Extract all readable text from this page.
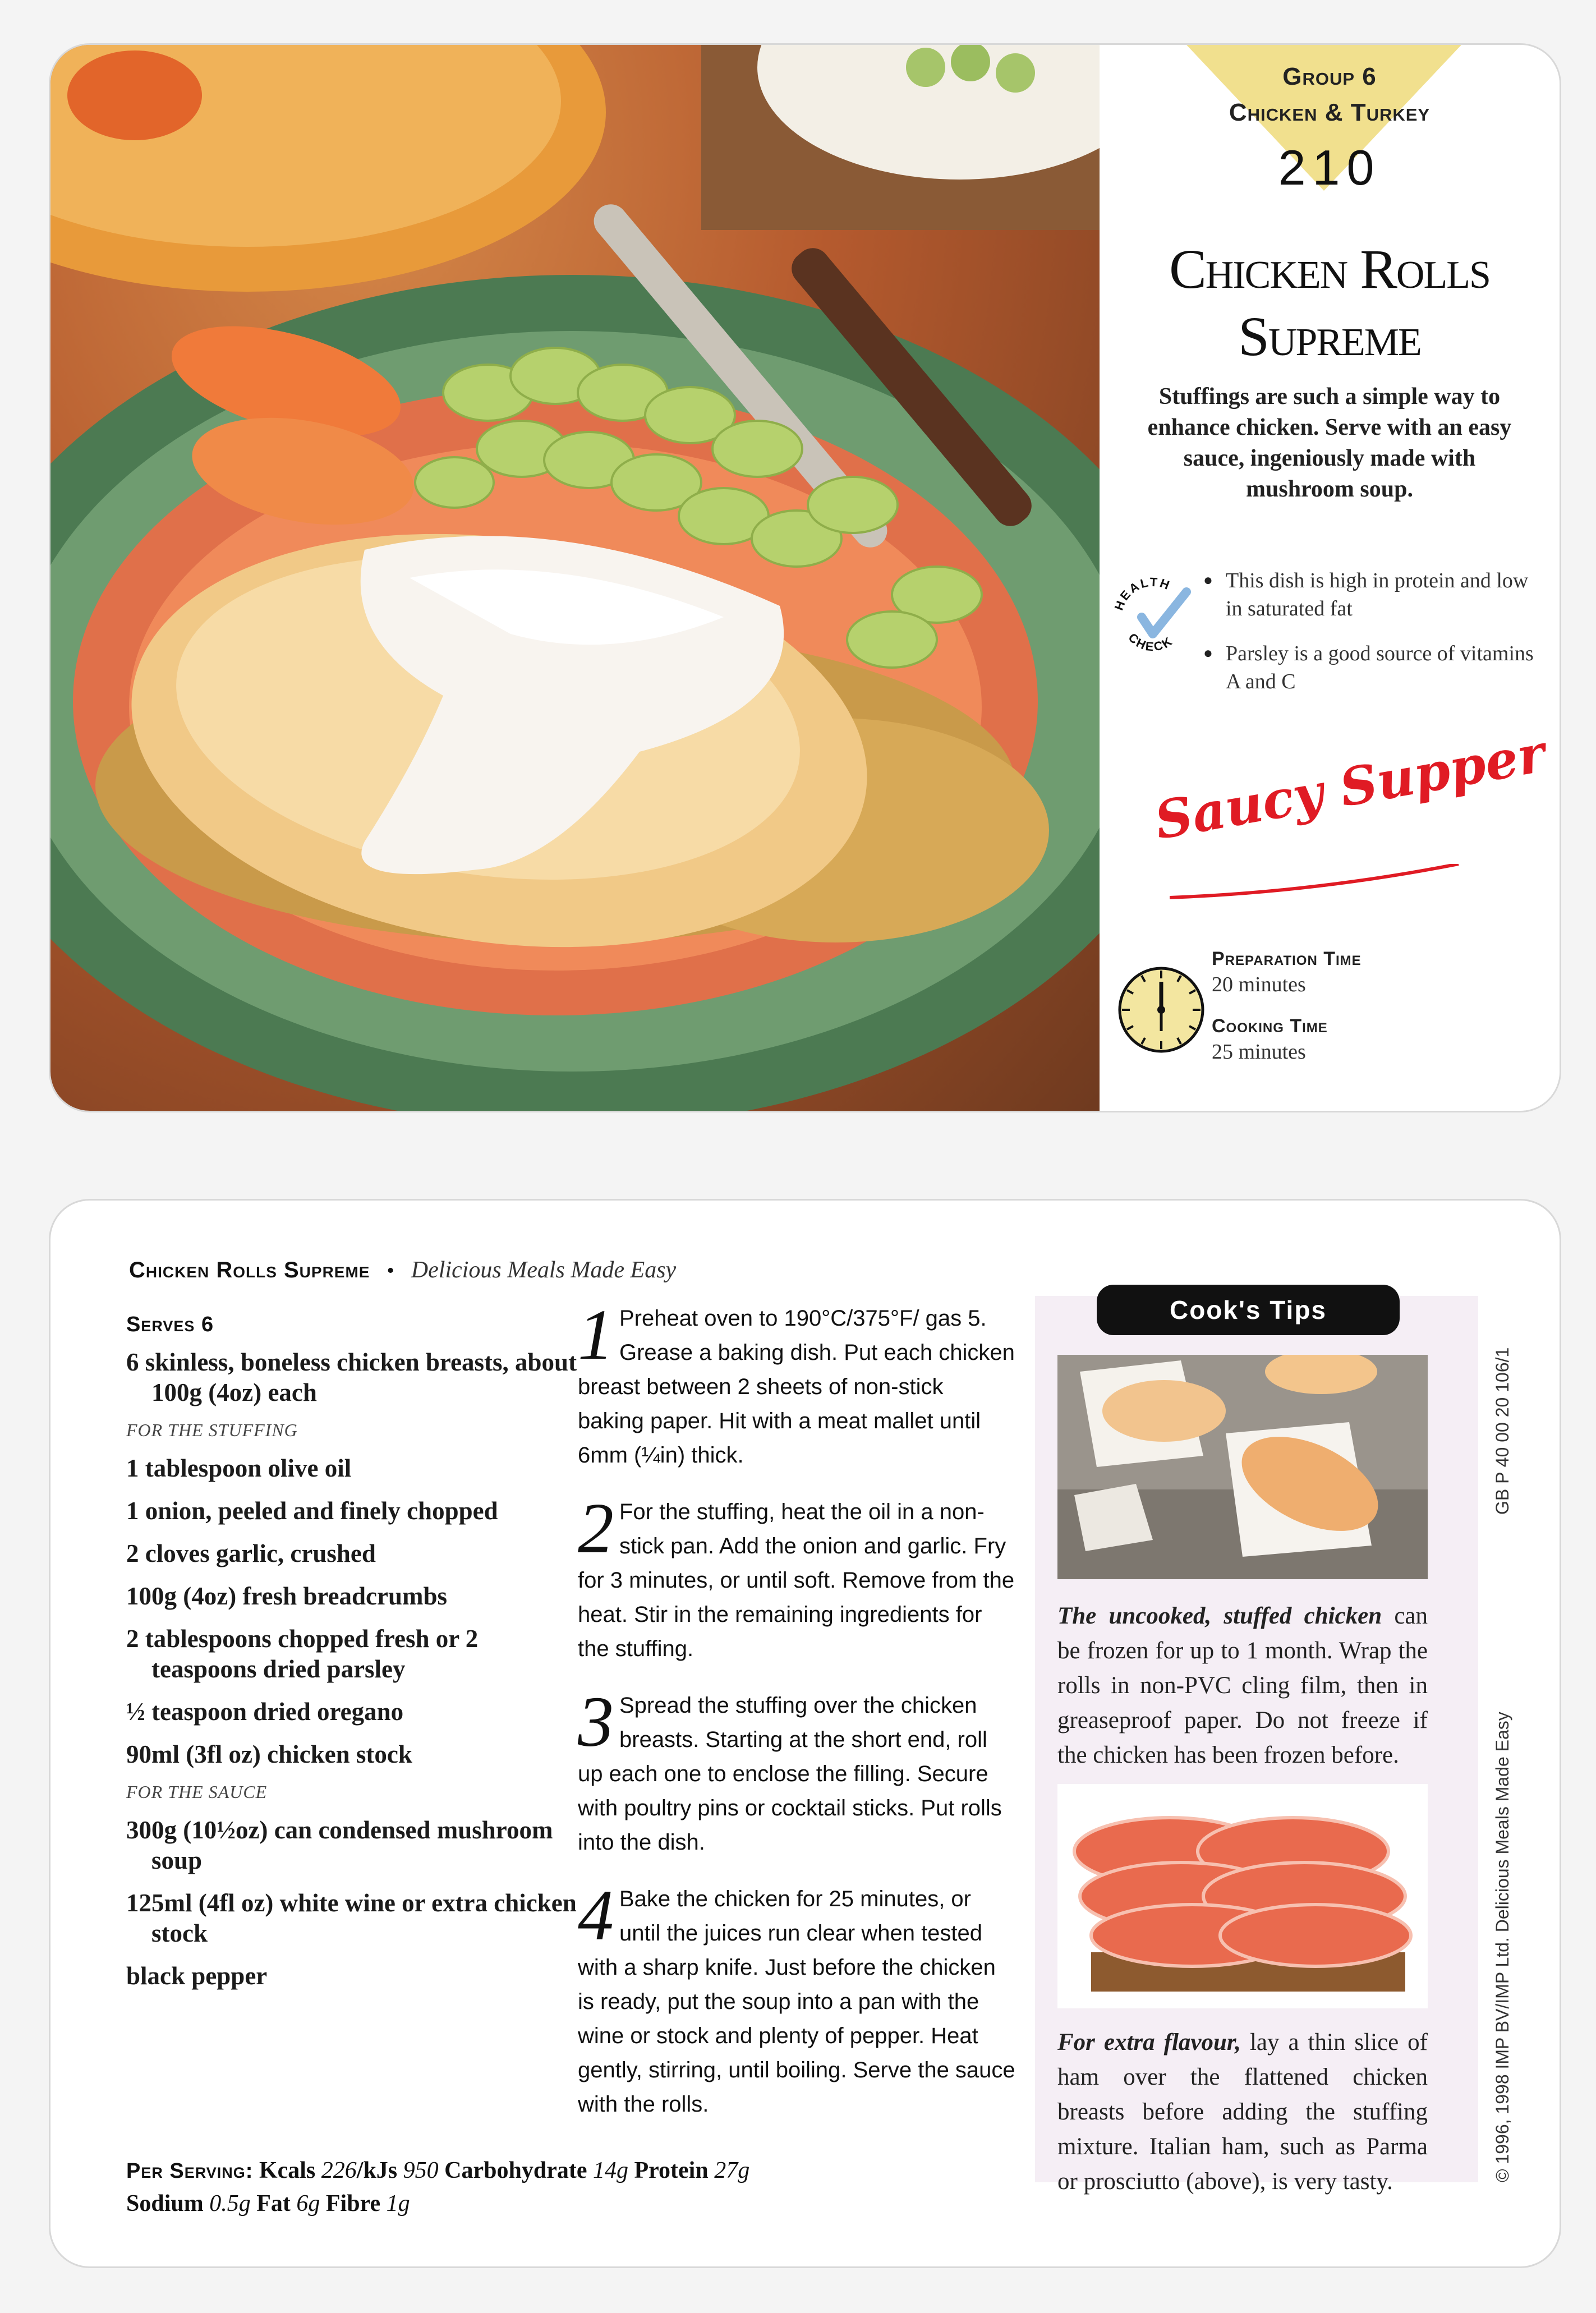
Group 6
Chicken & Turkey
210
Chicken Rolls
Supreme
Stuffings are such a simple way to enhance chicken. Serve with an easy sauce, ingeniously made with mushroom soup.
HEALTH
CHECK
● This dish is high in protein and low in saturated fat
● Parsley is a good source of vitamins A and C
Saucy Supper
Preparation Time
20 minutes
Cooking Time
25 minutes
Chicken Rolls Supreme • Delicious Meals Made Easy
Serves 6
6 skinless, boneless chicken breasts, about 100g (4oz) each
FOR THE STUFFING
1 tablespoon olive oil
1 onion, peeled and finely chopped
2 cloves garlic, crushed
100g (4oz) fresh breadcrumbs
2 tablespoons chopped fresh or 2 teaspoons dried parsley
½ teaspoon dried oregano
90ml (3fl oz) chicken stock
FOR THE SAUCE
300g (10½oz) can condensed mushroom soup
125ml (4fl oz) white wine or extra chicken stock
black pepper
1 Preheat oven to 190°C/375°F/ gas 5. Grease a baking dish. Put each chicken breast between 2 sheets of non-stick baking paper. Hit with a meat mallet until 6mm (¼in) thick.
2 For the stuffing, heat the oil in a non-stick pan. Add the onion and garlic. Fry for 3 minutes, or until soft. Remove from the heat. Stir in the remaining ingredients for the stuffing.
3 Spread the stuffing over the chicken breasts. Starting at the short end, roll up each one to enclose the filling. Secure with poultry pins or cocktail sticks. Put rolls into the dish.
4 Bake the chicken for 25 minutes, or until the juices run clear when tested with a sharp knife. Just before the chicken is ready, put the soup into a pan with the wine or stock and plenty of pepper. Heat gently, stirring, until boiling. Serve the sauce with the rolls.
Per Serving: Kcals 226/kJs 950 Carbohydrate 14g Protein 27g
Sodium 0.5g Fat 6g Fibre 1g
Cook's Tips
The uncooked, stuffed chicken can be frozen for up to 1 month. Wrap the rolls in non-PVC cling film, then in greaseproof paper. Do not freeze if the chicken has been frozen before.
For extra flavour, lay a thin slice of ham over the flattened chicken breasts before adding the stuffing mixture. Italian ham, such as Parma or prosciutto (above), is very tasty.
GB P 40 00 20 106/1
© 1996, 1998 IMP BV/IMP Ltd. Delicious Meals Made Easy
